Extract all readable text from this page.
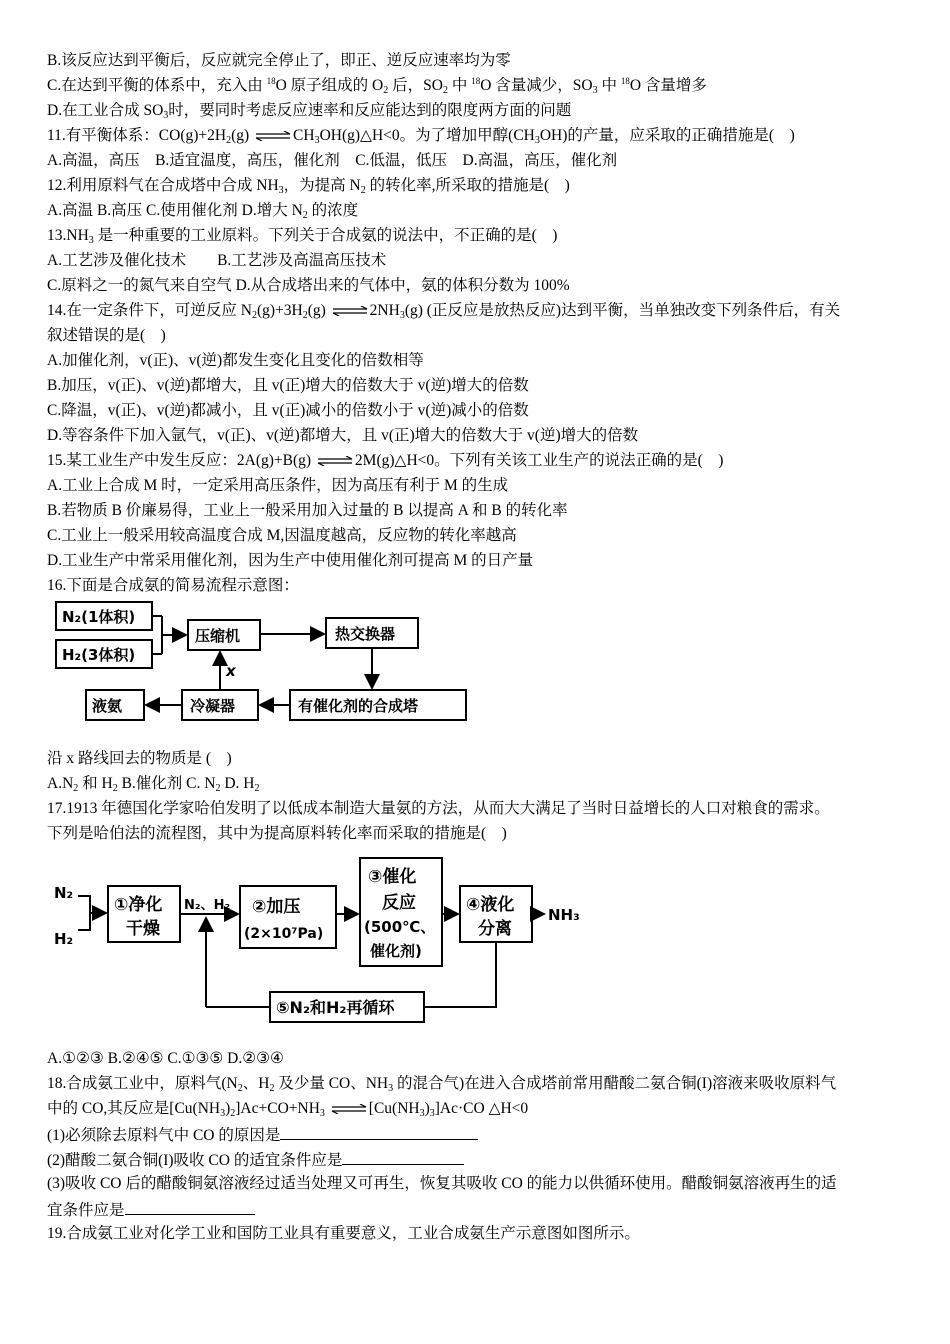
B.该反应达到平衡后，反应就完全停止了，即正、逆反应速率均为零
C.在达到平衡的体系中，充入由 $^{18}$O 原子组成的 $O_2$ 后，$SO_2$ 中 $^{18}$O 含量减少，$SO_3$ 中 $^{18}$O 含量增多
D.在工业合成 $SO_3$时，要同时考虑反应速率和反应能达到的限度两方面的问题
11.有平衡体系：$CO(g)+2H_2(g)$	$CH_3OH(g)\triangle H<0$。为了增加甲醇$(CH_3OH)$的产量，应采取的正确措施是(　)
A.高温，高压　B.适宜温度，高压，催化剂　C.低温，低压　D.高温，高压，催化剂
12.利用原料气在合成塔中合成 $NH_3$，为提高 $N_2$ 的转化率,所采取的措施是(　)
A.高温 B.高压 C.使用催化剂 D.增大 $N_2$ 的浓度
$13.NH_3$ 是一种重要的工业原料。下列关于合成氨的说法中，不正确的是(　)
A.工艺涉及催化技术　　B.工艺涉及高温高压技术
C.原料之一的氮气来自空气 D.从合成塔出来的气体中，氨的体积分数为 100%
14.在一定条件下，可逆反应 $N_2(g)+3H_2(g)$	$2NH_3(g)$ (正反应是放热反应)达到平衡，当单独改变下列条件后，有关
叙述错误的是(　)
A.加催化剂，v(正)、v(逆)都发生变化且变化的倍数相等
B.加压，v(正)、v(逆)都增大，且 v(正)增大的倍数大于 v(逆)增大的倍数
C.降温，v(正)、v(逆)都减小，且 v(正)减小的倍数小于 v(逆)减小的倍数
D.等容条件下加入氩气，v(正)、v(逆)都增大，且 v(正)增大的倍数大于 v(逆)增大的倍数
15.某工业生产中发生反应：2A(g)+B(g)	2M(g)△H<0。下列有关该工业生产的说法正确的是(　)
A.工业上合成 M 时，一定采用高压条件，因为高压有利于 M 的生成
B.若物质 B 价廉易得，工业上一般采用加入过量的 B 以提高 A 和 B 的转化率
C.工业上一般采用较高温度合成 M,因温度越高，反应物的转化率越高
D.工业生产中常采用催化剂，因为生产中使用催化剂可提高 M 的日产量
16.下面是合成氨的简易流程示意图：
N₂(1体积)
H₂(3体积)
压缩机	热交换器
液氨	冷凝器	有催化剂的合成塔
x
沿 x 路线回去的物质是 (　)
$A.N_2$ 和 $H_2$ B.催化剂 C. $N_2$ D. $H_2$
17.1913 年德国化学家哈伯发明了以低成本制造大量氨的方法，从而大大满足了当时日益增长的人口对粮食的需求。
下列是哈伯法的流程图，其中为提高原料转化率而采取的措施是(　)
N₂
H₂
①净化
干燥
N₂、H₂ ②加压
(2×10⁷Pa)
③催化
反应
(500℃、
催化剂)
④液化
分离
NH₃
⑤N₂和H₂再循环
A.①②③ B.②④⑤ C.①③⑤ D.②③④
18.合成氨工业中，原料气($N_2$、$H_2$ 及少量 CO、$NH_3$ 的混合气)在进入合成塔前常用醋酸二氨合铜(I)溶液来吸收原料气
中的 CO,其反应是$[Cu(NH_3)_2]Ac+CO+NH_3$	$[Cu(NH_3)_3]Ac\cdot CO$ △H<0
(1)必须除去原料气中 CO 的原因是
(2)醋酸二氨合铜(I)吸收 CO 的适宜条件应是
(3)吸收 CO 后的醋酸铜氨溶液经过适当处理又可再生，恢复其吸收 CO 的能力以供循环使用。醋酸铜氨溶液再生的适
宜条件应是
19.合成氨工业对化学工业和国防工业具有重要意义，工业合成氨生产示意图如图所示。
